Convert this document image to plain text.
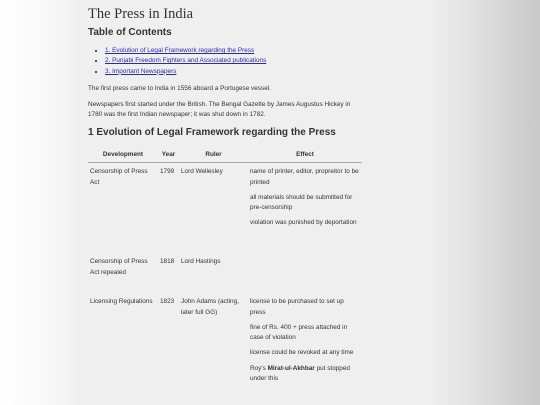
The Press in India
Table of Contents
• 1. Evolution of Legal Framework regarding the Press
• 2. Punjabi Freedom Fighters and Associated publications
• 3. Important Newspapers

The first press came to India in 1556 aboard a Portugese vessel.

Newspapers first started under the British. The Bengal Gazette by James Augustus Hickey in 1780 was the first Indian newspaper; it was shut down in 1782.

1 Evolution of Legal Framework regarding the Press
Development	Year	Ruler	Effect
Censorship of Press Act	1799	Lord Wellesley	name of printer, editor, propreitor to be printed
all materials should be submitted for pre-censorship
violation was punished by deportation

Censorship of Press Act repealed	1818	Lord Hastings	
Licensing Regulations	1823	John Adams (acting, later full GG)	license to be purchased to set up press
fine of Rs. 400 + press attached in case of violation
license could be revoked at any time
Roy's Mirat-ul-Akhbar put stopped under this
